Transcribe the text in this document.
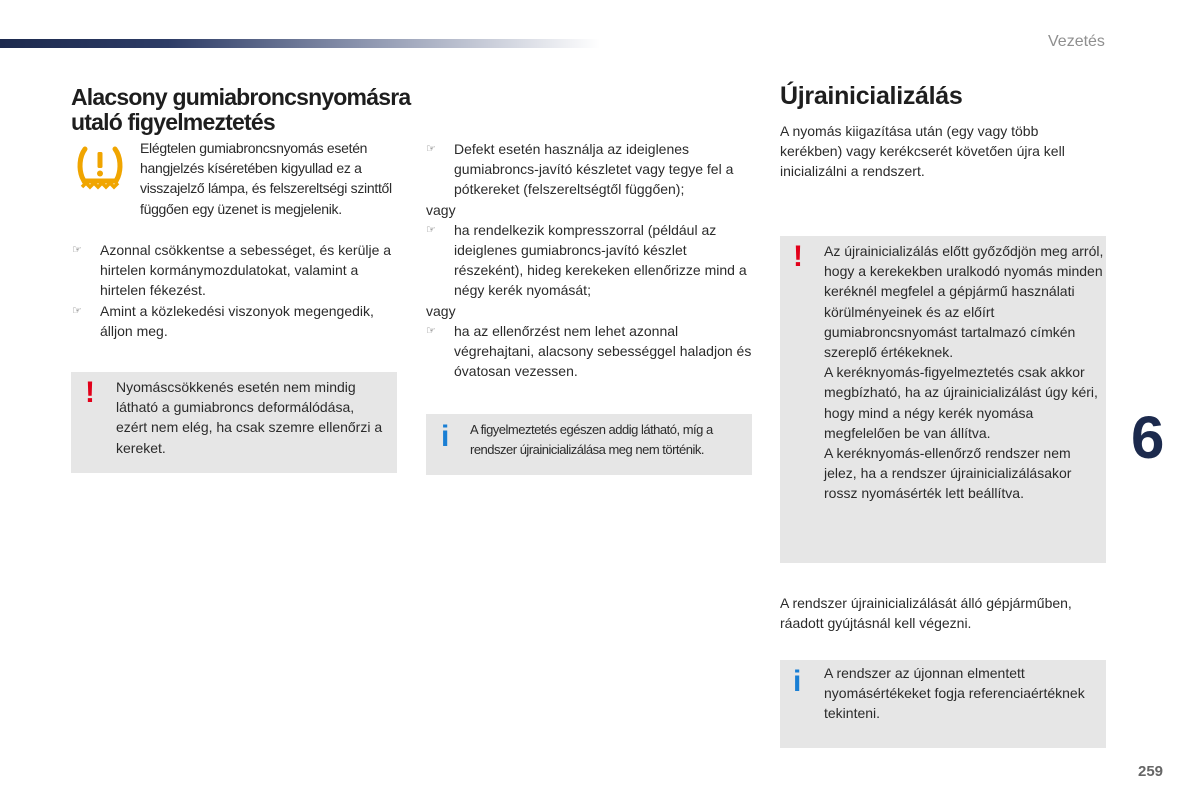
Vezetés
Alacsony gumiabroncsnyomásra utaló figyelmeztetés
Elégtelen gumiabroncsnyomás esetén hangjelzés kíséretében kigyullad ez a visszajelző lámpa, és felszereltségi szinttől függően egy üzenet is megjelenik.
☞ Azonnal csökkentse a sebességet, és kerülje a hirtelen kormánymozdulatokat, valamint a hirtelen fékezést.
☞ Amint a közlekedési viszonyok megengedik, álljon meg.
! Nyomáscsökkenés esetén nem mindig látható a gumiabroncs deformálódása, ezért nem elég, ha csak szemre ellenőrzi a kereket.
☞ Defekt esetén használja az ideiglenes gumiabroncs-javító készletet vagy tegye fel a pótkereket (felszereltségtől függően);
vagy
☞ ha rendelkezik kompresszorral (például az ideiglenes gumiabroncs-javító készlet részeként), hideg kerekeken ellenőrizze mind a négy kerék nyomását;
vagy
☞ ha az ellenőrzést nem lehet azonnal végrehajtani, alacsony sebességgel haladjon és óvatosan vezessen.
i A figyelmeztetés egészen addig látható, míg a rendszer újrainicializálása meg nem történik.
Újrainicializálás
A nyomás kiigazítása után (egy vagy több kerékben) vagy kerékcserét követően újra kell inicializálni a rendszert.
! Az újrainicializálás előtt győződjön meg arról, hogy a kerekekben uralkodó nyomás minden keréknél megfelel a gépjármű használati körülményeinek és az előírt gumiabroncsnyomást tartalmazó címkén szereplő értékeknek.
A keréknyomás-figyelmeztetés csak akkor megbízható, ha az újrainicializálást úgy kéri, hogy mind a négy kerék nyomása megfelelően be van állítva.
A keréknyomás-ellenőrző rendszer nem jelez, ha a rendszer újrainicializálásakor rossz nyomásérték lett beállítva.
A rendszer újrainicializálását álló gépjárműben, ráadott gyújtásnál kell végezni.
i A rendszer az újonnan elmentett nyomásértékeket fogja referenciaértéknek tekinteni.
6
259
